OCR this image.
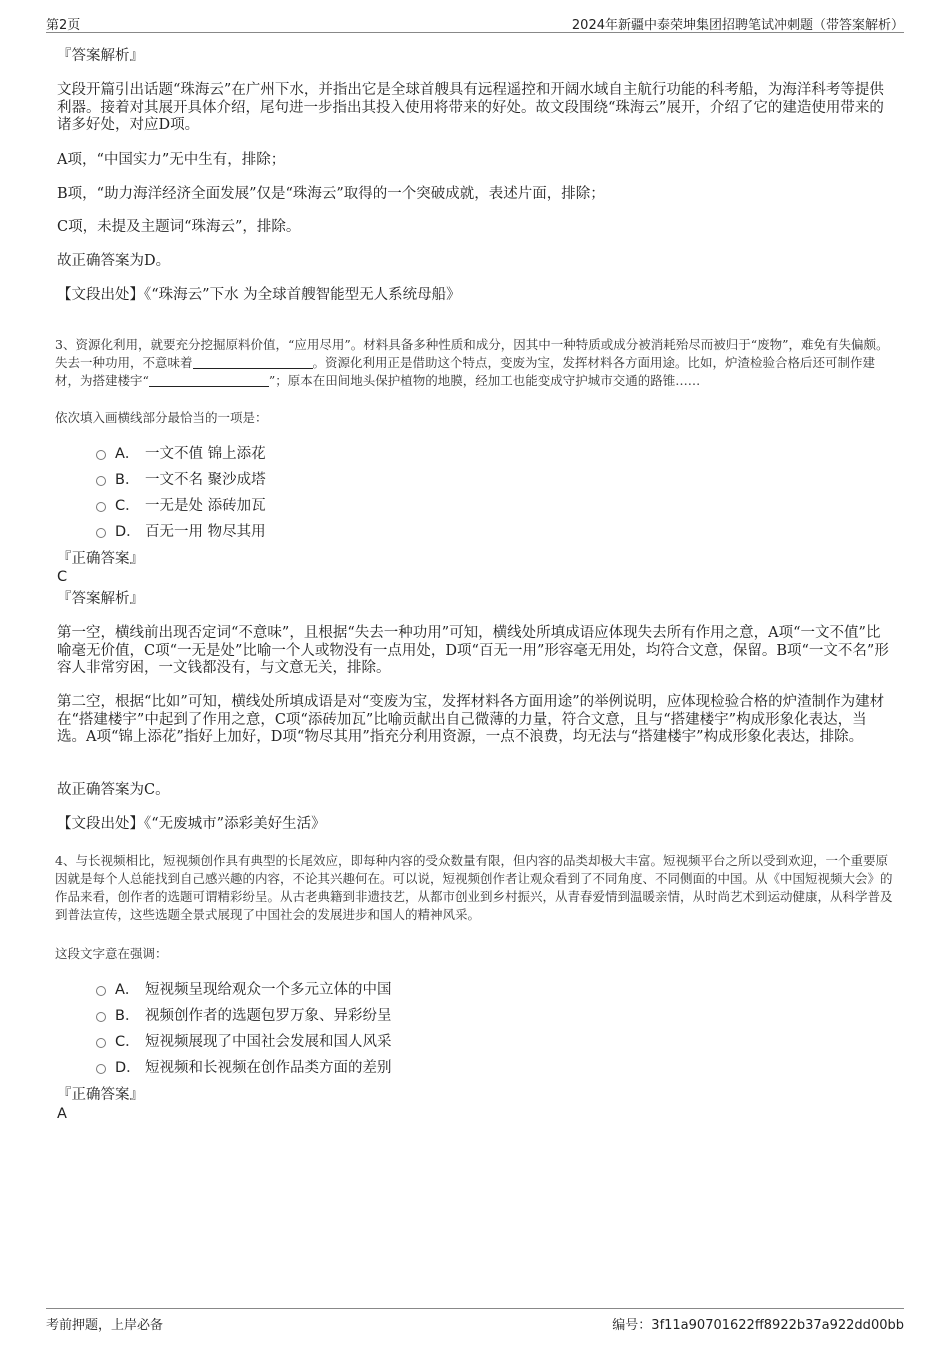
第2页	2024年新疆中泰荣坤集团招聘笔试冲刺题（带答案解析）
『答案解析』
文段开篇引出话题“珠海云”在广州下水，并指出它是全球首艘具有远程遥控和开阔水域自主航行功能的科考船，为海洋科考等提供利器。接着对其展开具体介绍，尾句进一步指出其投入使用将带来的好处。故文段围绕“珠海云”展开，介绍了它的建造使用带来的诸多好处，对应D项。
A项，“中国实力”无中生有，排除；
B项，“助力海洋经济全面发展”仅是“珠海云”取得的一个突破成就，表述片面，排除；
C项，未提及主题词“珠海云”，排除。
故正确答案为D。
【文段出处】《“珠海云”下水 为全球首艘智能型无人系统母船》
3、资源化利用，就要充分挖掘原料价值，“应用尽用”。材料具备多种性质和成分，因其中一种特质或成分被消耗殆尽而被归于“废物”，难免有失偏颇。失去一种功用，不意味着	。资源化利用正是借助这个特点，变废为宝，发挥材料各方面用途。比如，炉渣检验合格后还可制作建材，为搭建楼宇“	”；原本在田间地头保护植物的地膜，经加工也能变成守护城市交通的路锥……
依次填入画横线部分最恰当的一项是：
A． 一文不值 锦上添花
B． 一文不名 聚沙成塔
C． 一无是处 添砖加瓦
D． 百无一用 物尽其用
『正确答案』
C
『答案解析』
第一空，横线前出现否定词“不意味”，且根据“失去一种功用”可知，横线处所填成语应体现失去所有作用之意，A项“一文不值”比喻毫无价值，C项“一无是处”比喻一个人或物没有一点用处，D项“百无一用”形容毫无用处，均符合文意，保留。B项“一文不名”形容人非常穷困，一文钱都没有，与文意无关，排除。
第二空，根据“比如”可知，横线处所填成语是对“变废为宝，发挥材料各方面用途”的举例说明，应体现检验合格的炉渣制作为建材在“搭建楼宇”中起到了作用之意，C项“添砖加瓦”比喻贡献出自己微薄的力量，符合文意，且与“搭建楼宇”构成形象化表达，当选。A项“锦上添花”指好上加好，D项“物尽其用”指充分利用资源，一点不浪费，均无法与“搭建楼宇”构成形象化表达，排除。
故正确答案为C。
【文段出处】《“无废城市”添彩美好生活》
4、与长视频相比，短视频创作具有典型的长尾效应，即每种内容的受众数量有限，但内容的品类却极大丰富。短视频平台之所以受到欢迎，一个重要原因就是每个人总能找到自己感兴趣的内容，不论其兴趣何在。可以说，短视频创作者让观众看到了不同角度、不同侧面的中国。从《中国短视频大会》的作品来看，创作者的选题可谓精彩纷呈。从古老典籍到非遗技艺，从都市创业到乡村振兴，从青春爱情到温暖亲情，从时尚艺术到运动健康，从科学普及到普法宣传，这些选题全景式展现了中国社会的发展进步和国人的精神风采。
这段文字意在强调：
A． 短视频呈现给观众一个多元立体的中国
B． 视频创作者的选题包罗万象、异彩纷呈
C． 短视频展现了中国社会发展和国人风采
D． 短视频和长视频在创作品类方面的差别
『正确答案』
A
考前押题，上岸必备	编号：3f11a90701622ff8922b37a922dd00bb
